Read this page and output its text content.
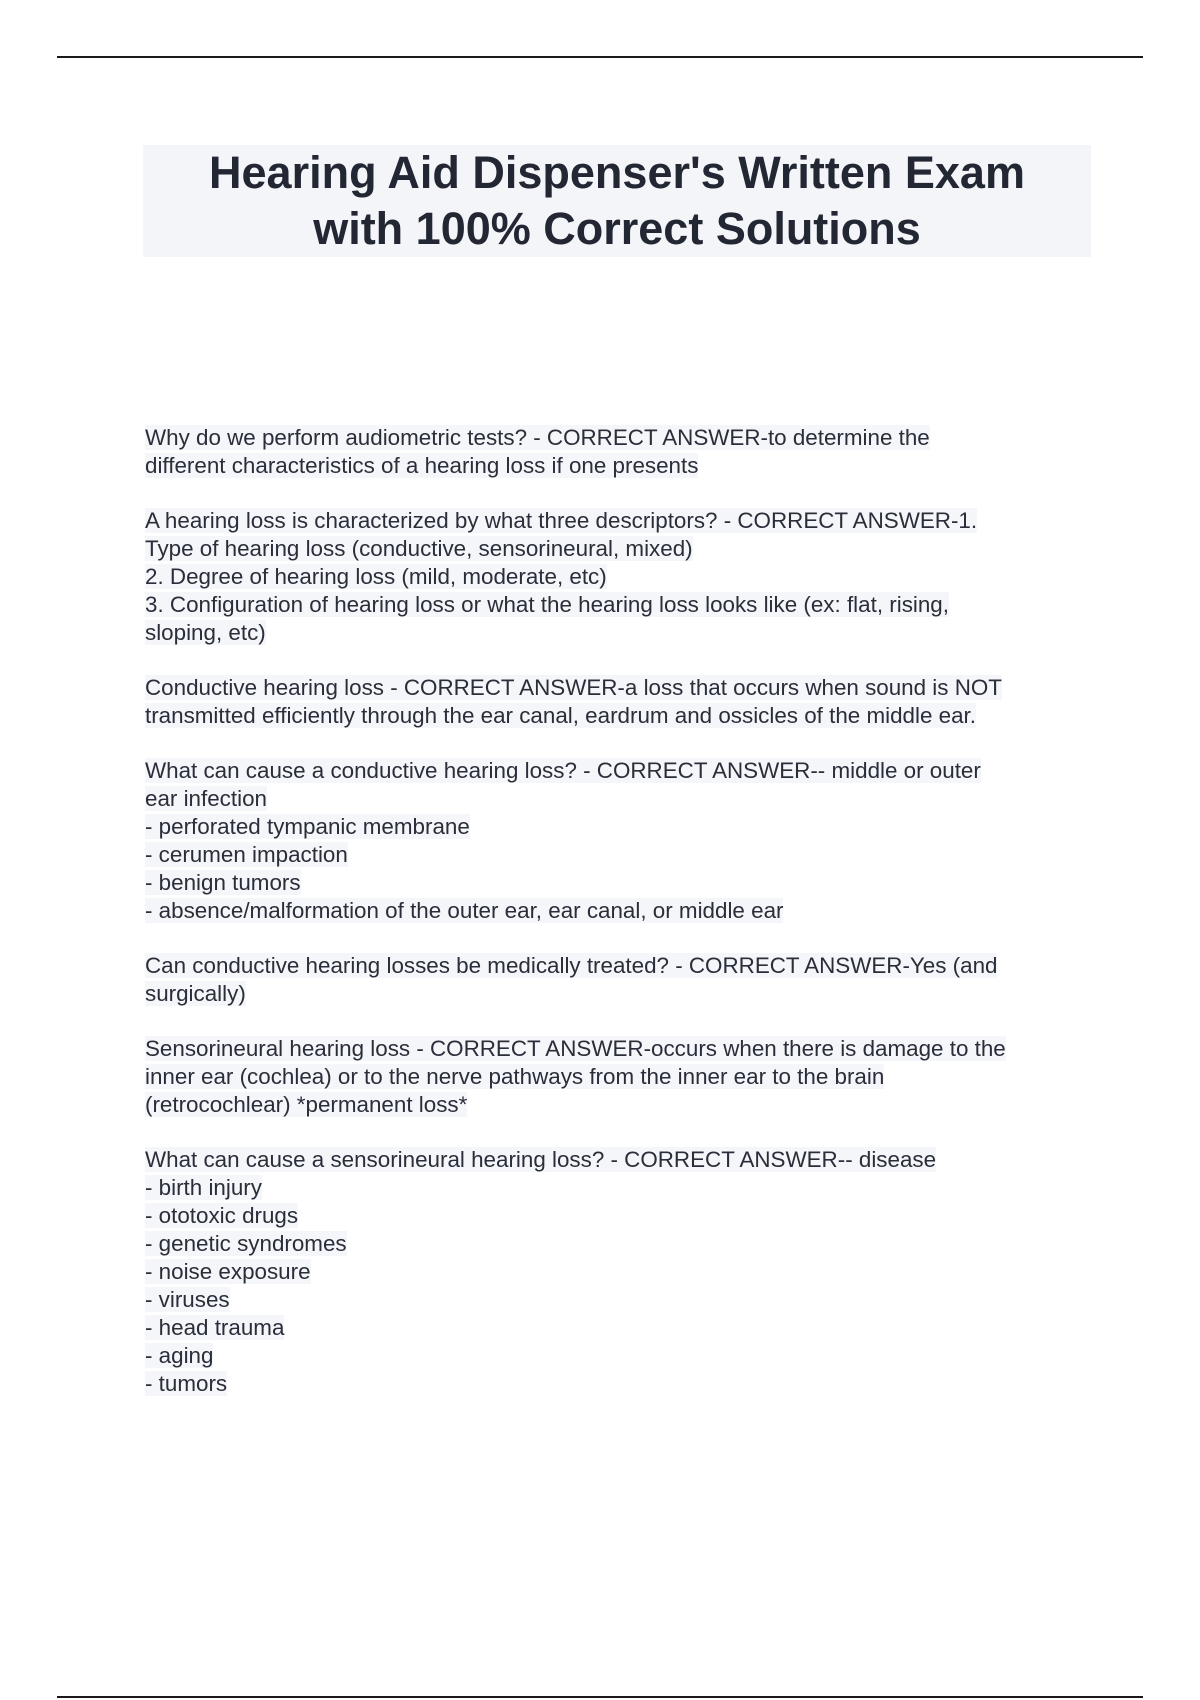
Hearing Aid Dispenser's Written Exam
with 100% Correct Solutions

Why do we perform audiometric tests? - CORRECT ANSWER-to determine the
different characteristics of a hearing loss if one presents

A hearing loss is characterized by what three descriptors? - CORRECT ANSWER-1.
Type of hearing loss (conductive, sensorineural, mixed)
2. Degree of hearing loss (mild, moderate, etc)
3. Configuration of hearing loss or what the hearing loss looks like (ex: flat, rising,
sloping, etc)

Conductive hearing loss - CORRECT ANSWER-a loss that occurs when sound is NOT
transmitted efficiently through the ear canal, eardrum and ossicles of the middle ear.

What can cause a conductive hearing loss? - CORRECT ANSWER-- middle or outer
ear infection
- perforated tympanic membrane
- cerumen impaction
- benign tumors
- absence/malformation of the outer ear, ear canal, or middle ear

Can conductive hearing losses be medically treated? - CORRECT ANSWER-Yes (and
surgically)

Sensorineural hearing loss - CORRECT ANSWER-occurs when there is damage to the
inner ear (cochlea) or to the nerve pathways from the inner ear to the brain
(retrocochlear) *permanent loss*

What can cause a sensorineural hearing loss? - CORRECT ANSWER-- disease
- birth injury
- ototoxic drugs
- genetic syndromes
- noise exposure
- viruses
- head trauma
- aging
- tumors
